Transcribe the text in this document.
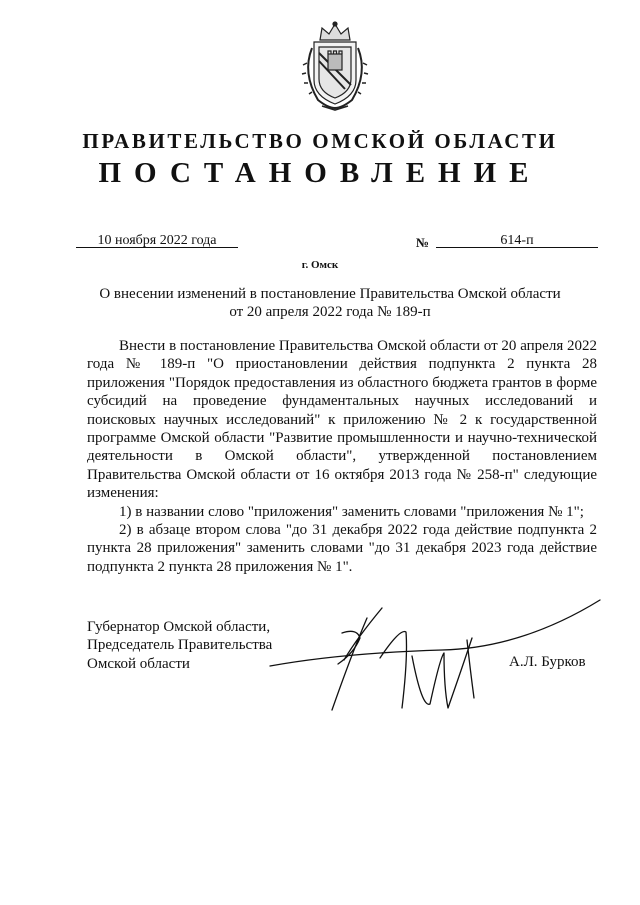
ПРАВИТЕЛЬСТВО ОМСКОЙ ОБЛАСТИ
ПОСТАНОВЛЕНИЕ
10 ноября 2022 года	№	614-п
г. Омск
О внесении изменений в постановление Правительства Омской области
от 20 апреля 2022 года № 189-п

Внести в постановление Правительства Омской области от 20 апреля 2022 года № 189-п "О приостановлении действия подпункта 2 пункта 28 приложения "Порядок предоставления из областного бюджета грантов в форме субсидий на проведение фундаментальных научных исследований и поисковых научных исследований" к приложению № 2 к государственной программе Омской области "Развитие промышленности и научно-технической деятельности в Омской области", утвержденной постановлением Правительства Омской области от 16 октября 2013 года № 258-п" следующие изменения:

1) в названии слово "приложения" заменить словами "приложения № 1";

2) в абзаце втором слова "до 31 декабря 2022 года действие подпункта 2 пункта 28 приложения" заменить словами "до 31 декабря 2023 года действие подпункта 2 пункта 28 приложения № 1".

Губернатор Омской области,
Председатель Правительства
Омской области	А.Л. Бурков
